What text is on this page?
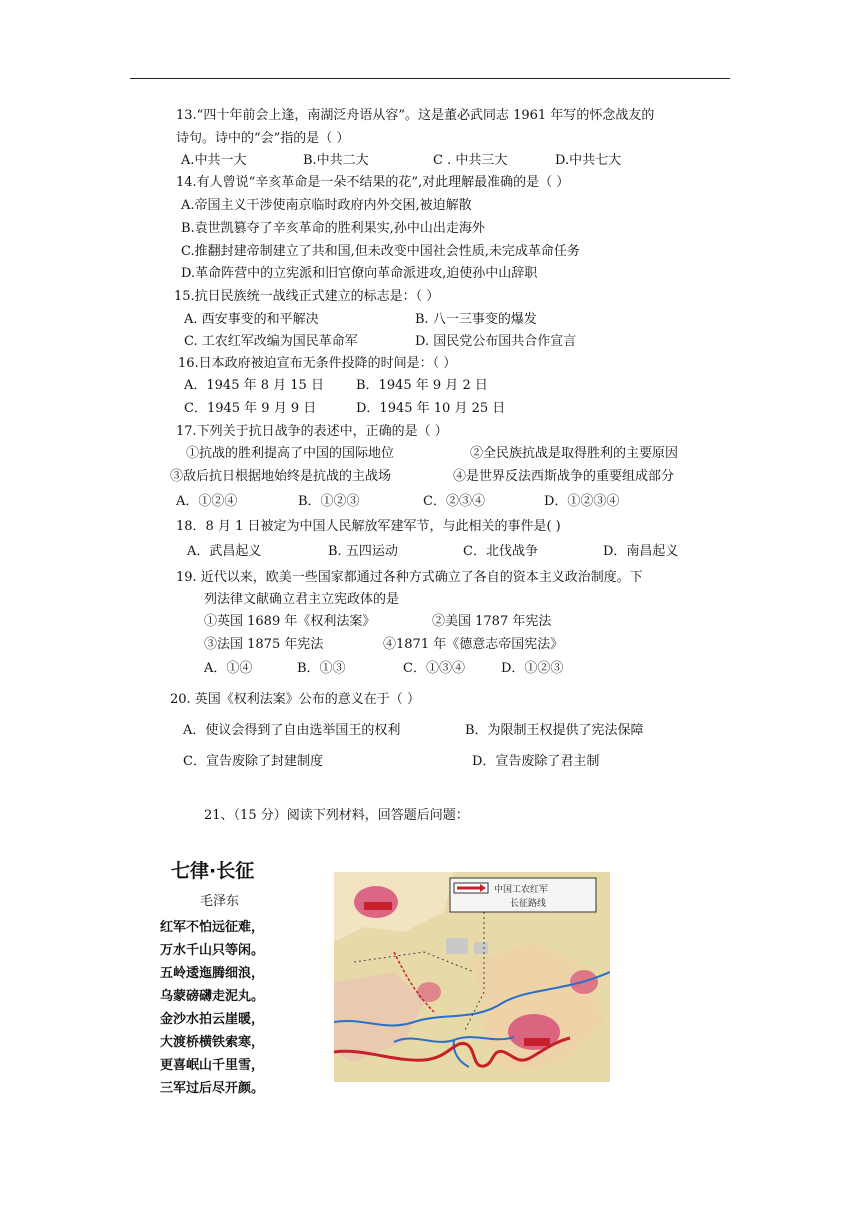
13.“四十年前会上逢，南湖泛舟语从容”。这是董必武同志 1961 年写的怀念战友的
诗句。诗中的“会”指的是（ ）
A.中共一大	B.中共二大	C . 中共三大	D.中共七大
14.有人曾说“辛亥革命是一朵不结果的花”,对此理解最准确的是（ ）
A.帝国主义干涉使南京临时政府内外交困,被迫解散
B.袁世凯篡夺了辛亥革命的胜利果实,孙中山出走海外
C.推翻封建帝制建立了共和国,但未改变中国社会性质,未完成革命任务
D.革命阵营中的立宪派和旧官僚向革命派进攻,迫使孙中山辞职
15.抗日民族统一战线正式建立的标志是：（ ）
A. 西安事变的和平解决	B. 八一三事变的爆发
C. 工农红军改编为国民革命军	D. 国民党公布国共合作宣言
16.日本政府被迫宣布无条件投降的时间是：（ ）
A．1945 年 8 月 15 日 B．1945 年 9 月 2 日
C．1945 年 9 月 9 日	D．1945 年 10 月 25 日
17.下列关于抗日战争的表述中，正确的是（ ）
①抗战的胜利提高了中国的国际地位	②全民族抗战是取得胜利的主要原因
③敌后抗日根据地始终是抗战的主战场	④是世界反法西斯战争的重要组成部分
A．①②④	B．①②③	C．②③④	D．①②③④
18．8 月 1 日被定为中国人民解放军建军节，与此相关的事件是( )
A．武昌起义	B. 五四运动	C．北伐战争	D．南昌起义
19. 近代以来，欧美一些国家都通过各种方式确立了各自的资本主义政治制度。下
列法律文献确立君主立宪政体的是
①英国 1689 年《权利法案》	②美国 1787 年宪法
③法国 1875 年宪法	④1871 年《德意志帝国宪法》
A．①④	B．①③	C．①③④	D．①②③
20. 英国《权利法案》公布的意义在于（ ）
A．使议会得到了自由选举国王的权利	B．为限制王权提供了宪法保障
C．宣告废除了封建制度	D．宣告废除了君主制
21、（15 分）阅读下列材料，回答题后问题：
七律·长征
毛泽东
红军不怕远征难，
万水千山只等闲。
五岭逶迤腾细浪，
乌蒙磅礴走泥丸。
金沙水拍云崖暖，
大渡桥横铁索寒，
更喜岷山千里雪，
三军过后尽开颜。
中国工农红军
长征路线
